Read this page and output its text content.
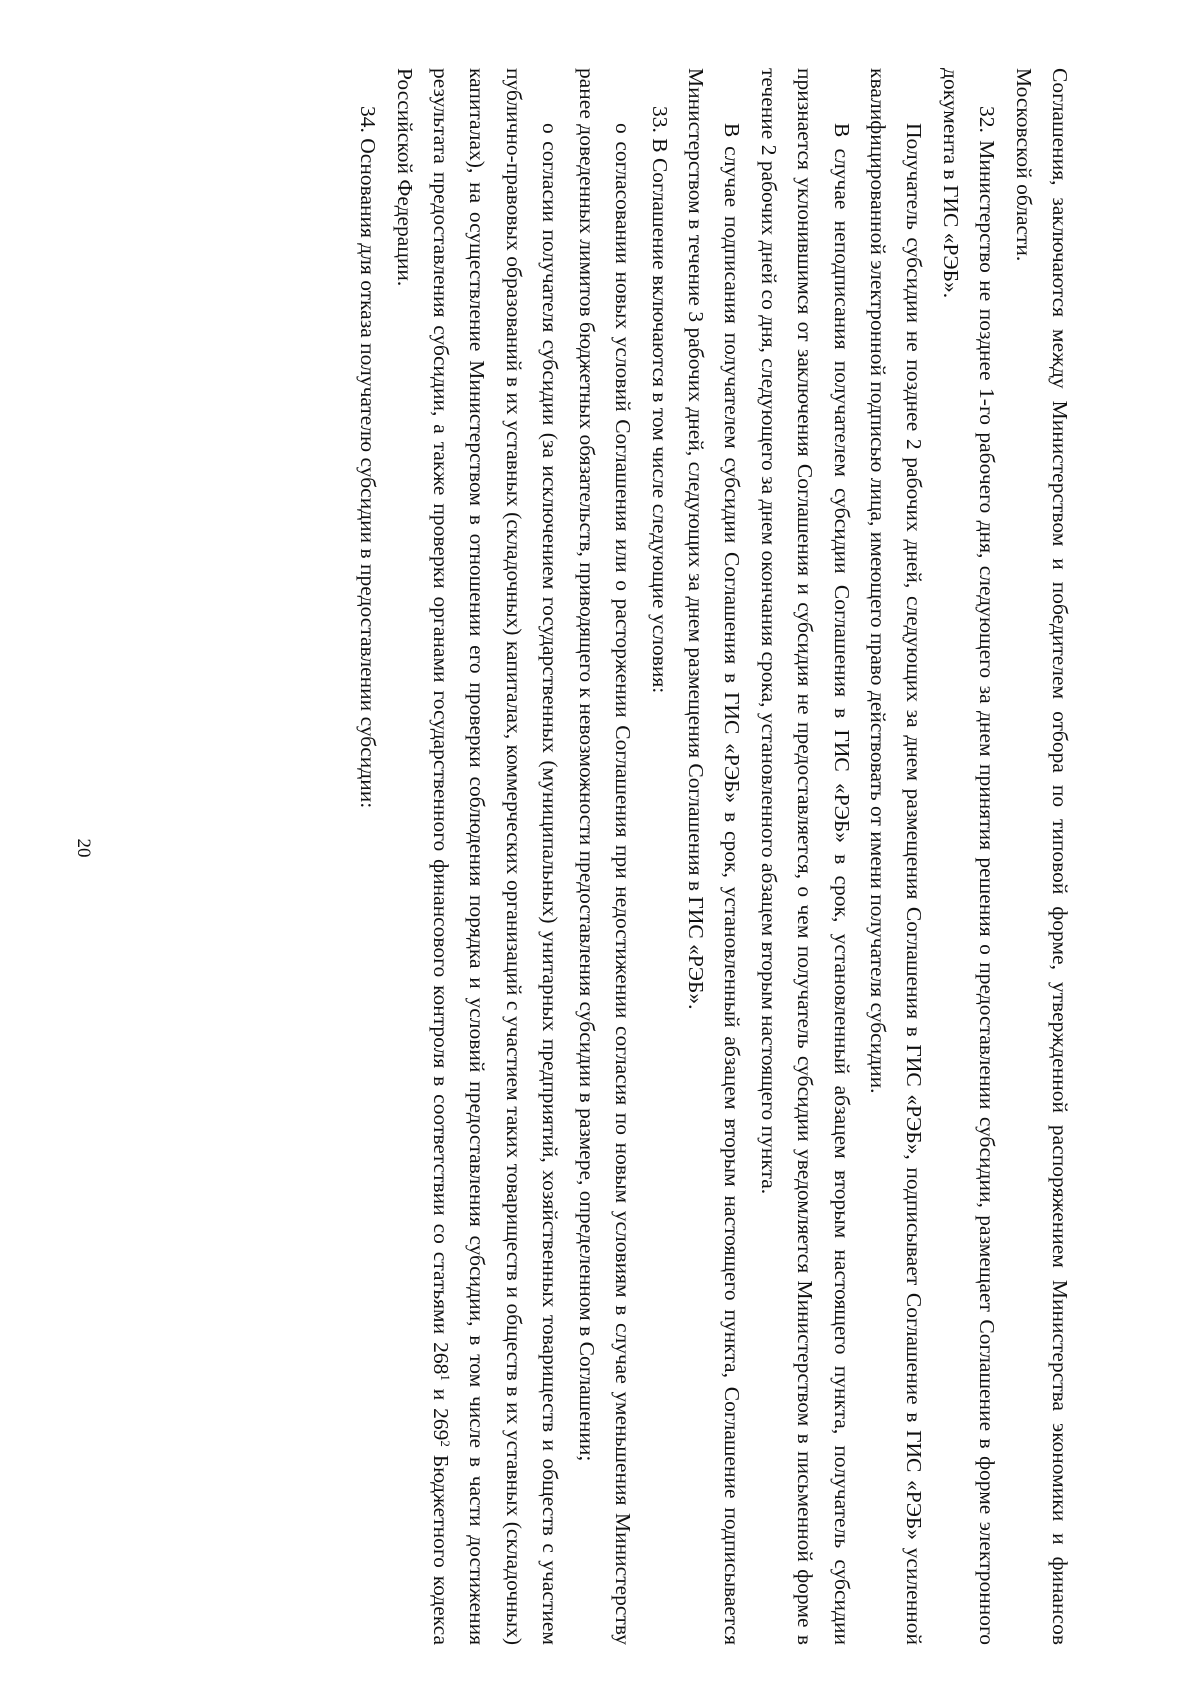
20	Соглашения, заключаются между Министерством и победителем отбора по типовой форме, утвержденной распоряжением Министерства экономики и финансов Московской области.

32. Министерство не позднее 1-го рабочего дня, следующего за днем принятия решения о предоставлении субсидии, размещает Соглашение в форме электронного документа в ГИС «РЭБ».

Получатель субсидии не позднее 2 рабочих дней, следующих за днем размещения Соглашения в ГИС «РЭБ», подписывает Соглашение в ГИС «РЭБ» усиленной квалифицированной электронной подписью лица, имеющего право действовать от имени получателя субсидии.

В случае неподписания получателем субсидии Соглашения в ГИС «РЭБ» в срок, установленный абзацем вторым настоящего пункта, получатель субсидии признается уклонившимся от заключения Соглашения и субсидия не предоставляется, о чем получатель субсидии уведомляется Министерством в письменной форме в течение 2 рабочих дней со дня, следующего за днем окончания срока, установленного абзацем вторым настоящего пункта.

В случае подписания получателем субсидии Соглашения в ГИС «РЭБ» в срок, установленный абзацем вторым настоящего пункта, Соглашение подписывается Министерством в течение 3 рабочих дней, следующих за днем размещения Соглашения в ГИС «РЭБ».

33. В Соглашение включаются в том числе следующие условия:

о согласовании новых условий Соглашения или о расторжении Соглашения при недостижении согласия по новым условиям в случае уменьшения Министерству ранее доведенных лимитов бюджетных обязательств, приводящего к невозможности предоставления субсидии в размере, определенном в Соглашении;

о согласии получателя субсидии (за исключением государственных (муниципальных) унитарных предприятий, хозяйственных товариществ и обществ с участием публично-правовых образований в их уставных (складочных) капиталах, коммерческих организаций с участием таких товариществ и обществ в их уставных (складочных) капиталах), на осуществление Министерством в отношении его проверки соблюдения порядка и условий предоставления субсидии, в том числе в части достижения результата предоставления субсидии, а также проверки органами государственного финансового контроля в соответствии со статьями $268^1$ и $269^2$ Бюджетного кодекса Российской Федерации.

34. Основания для отказа получателю субсидии в предоставлении субсидии:
